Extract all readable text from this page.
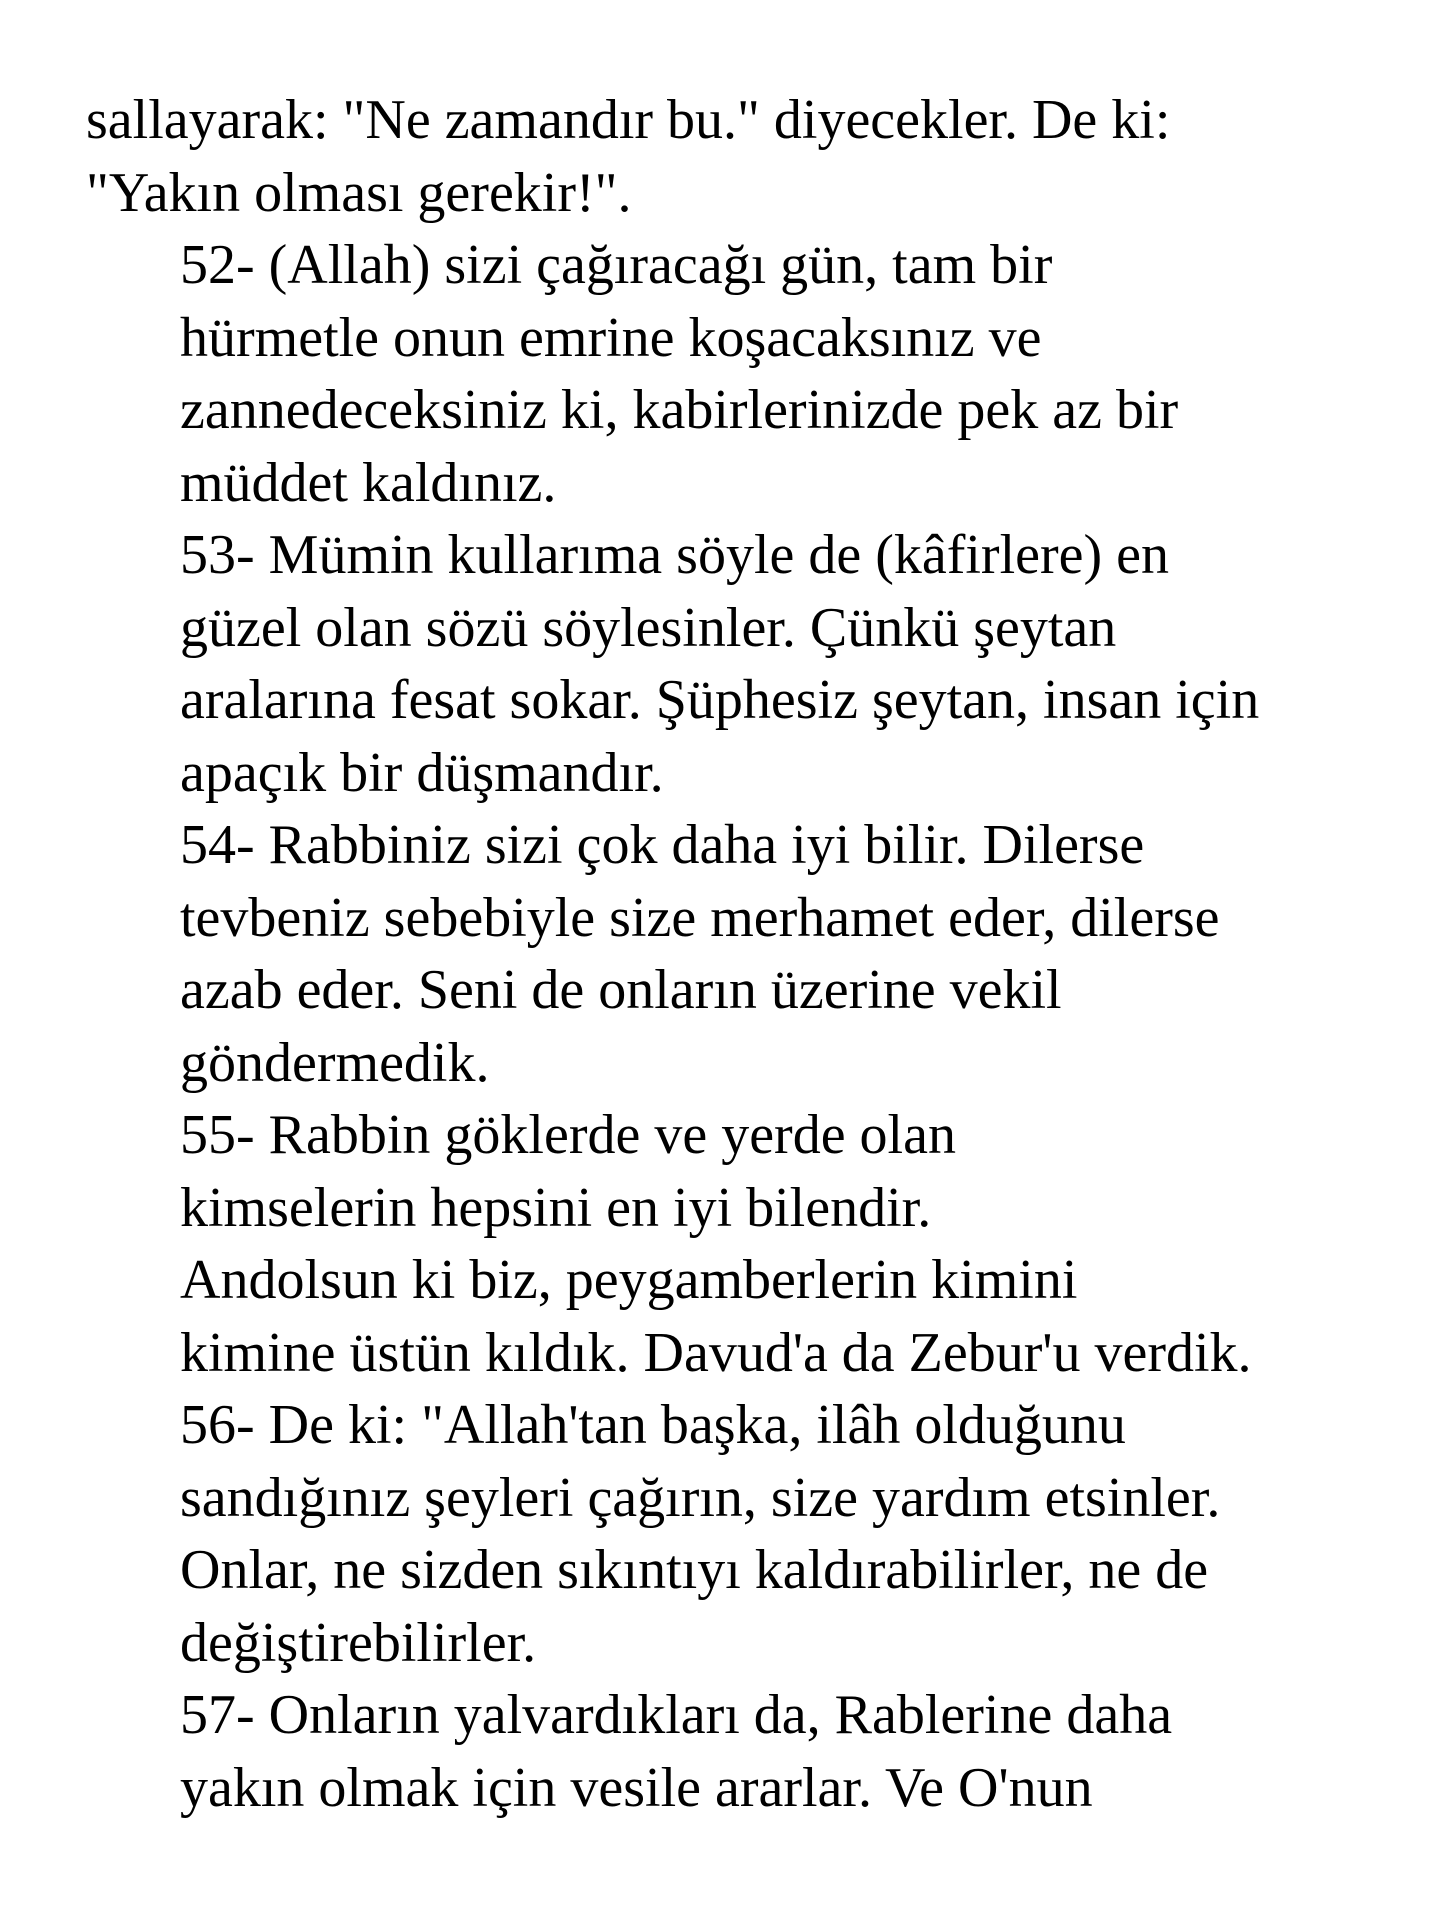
sallayarak: "Ne zamandır bu." diyecekler. De ki:
"Yakın olması gerekir!".

52- (Allah) sizi çağıracağı gün, tam bir
hürmetle onun emrine koşacaksınız ve
zannedeceksiniz ki, kabirlerinizde pek az bir
müddet kaldınız.

53- Mümin kullarıma söyle de (kâfirlere) en
güzel olan sözü söylesinler. Çünkü şeytan
aralarına fesat sokar. Şüphesiz şeytan, insan için
apaçık bir düşmandır.

54- Rabbiniz sizi çok daha iyi bilir. Dilerse
tevbeniz sebebiyle size merhamet eder, dilerse
azab eder. Seni de onların üzerine vekil
göndermedik.

55- Rabbin göklerde ve yerde olan
kimselerin hepsini en iyi bilendir.

Andolsun ki biz, peygamberlerin kimini
kimine üstün kıldık. Davud'a da Zebur'u verdik.

56- De ki: "Allah'tan başka, ilâh olduğunu
sandığınız şeyleri çağırın, size yardım etsinler.
Onlar, ne sizden sıkıntıyı kaldırabilirler, ne de
değiştirebilirler.

57- Onların yalvardıkları da, Rablerine daha
yakın olmak için vesile ararlar. Ve O'nun
